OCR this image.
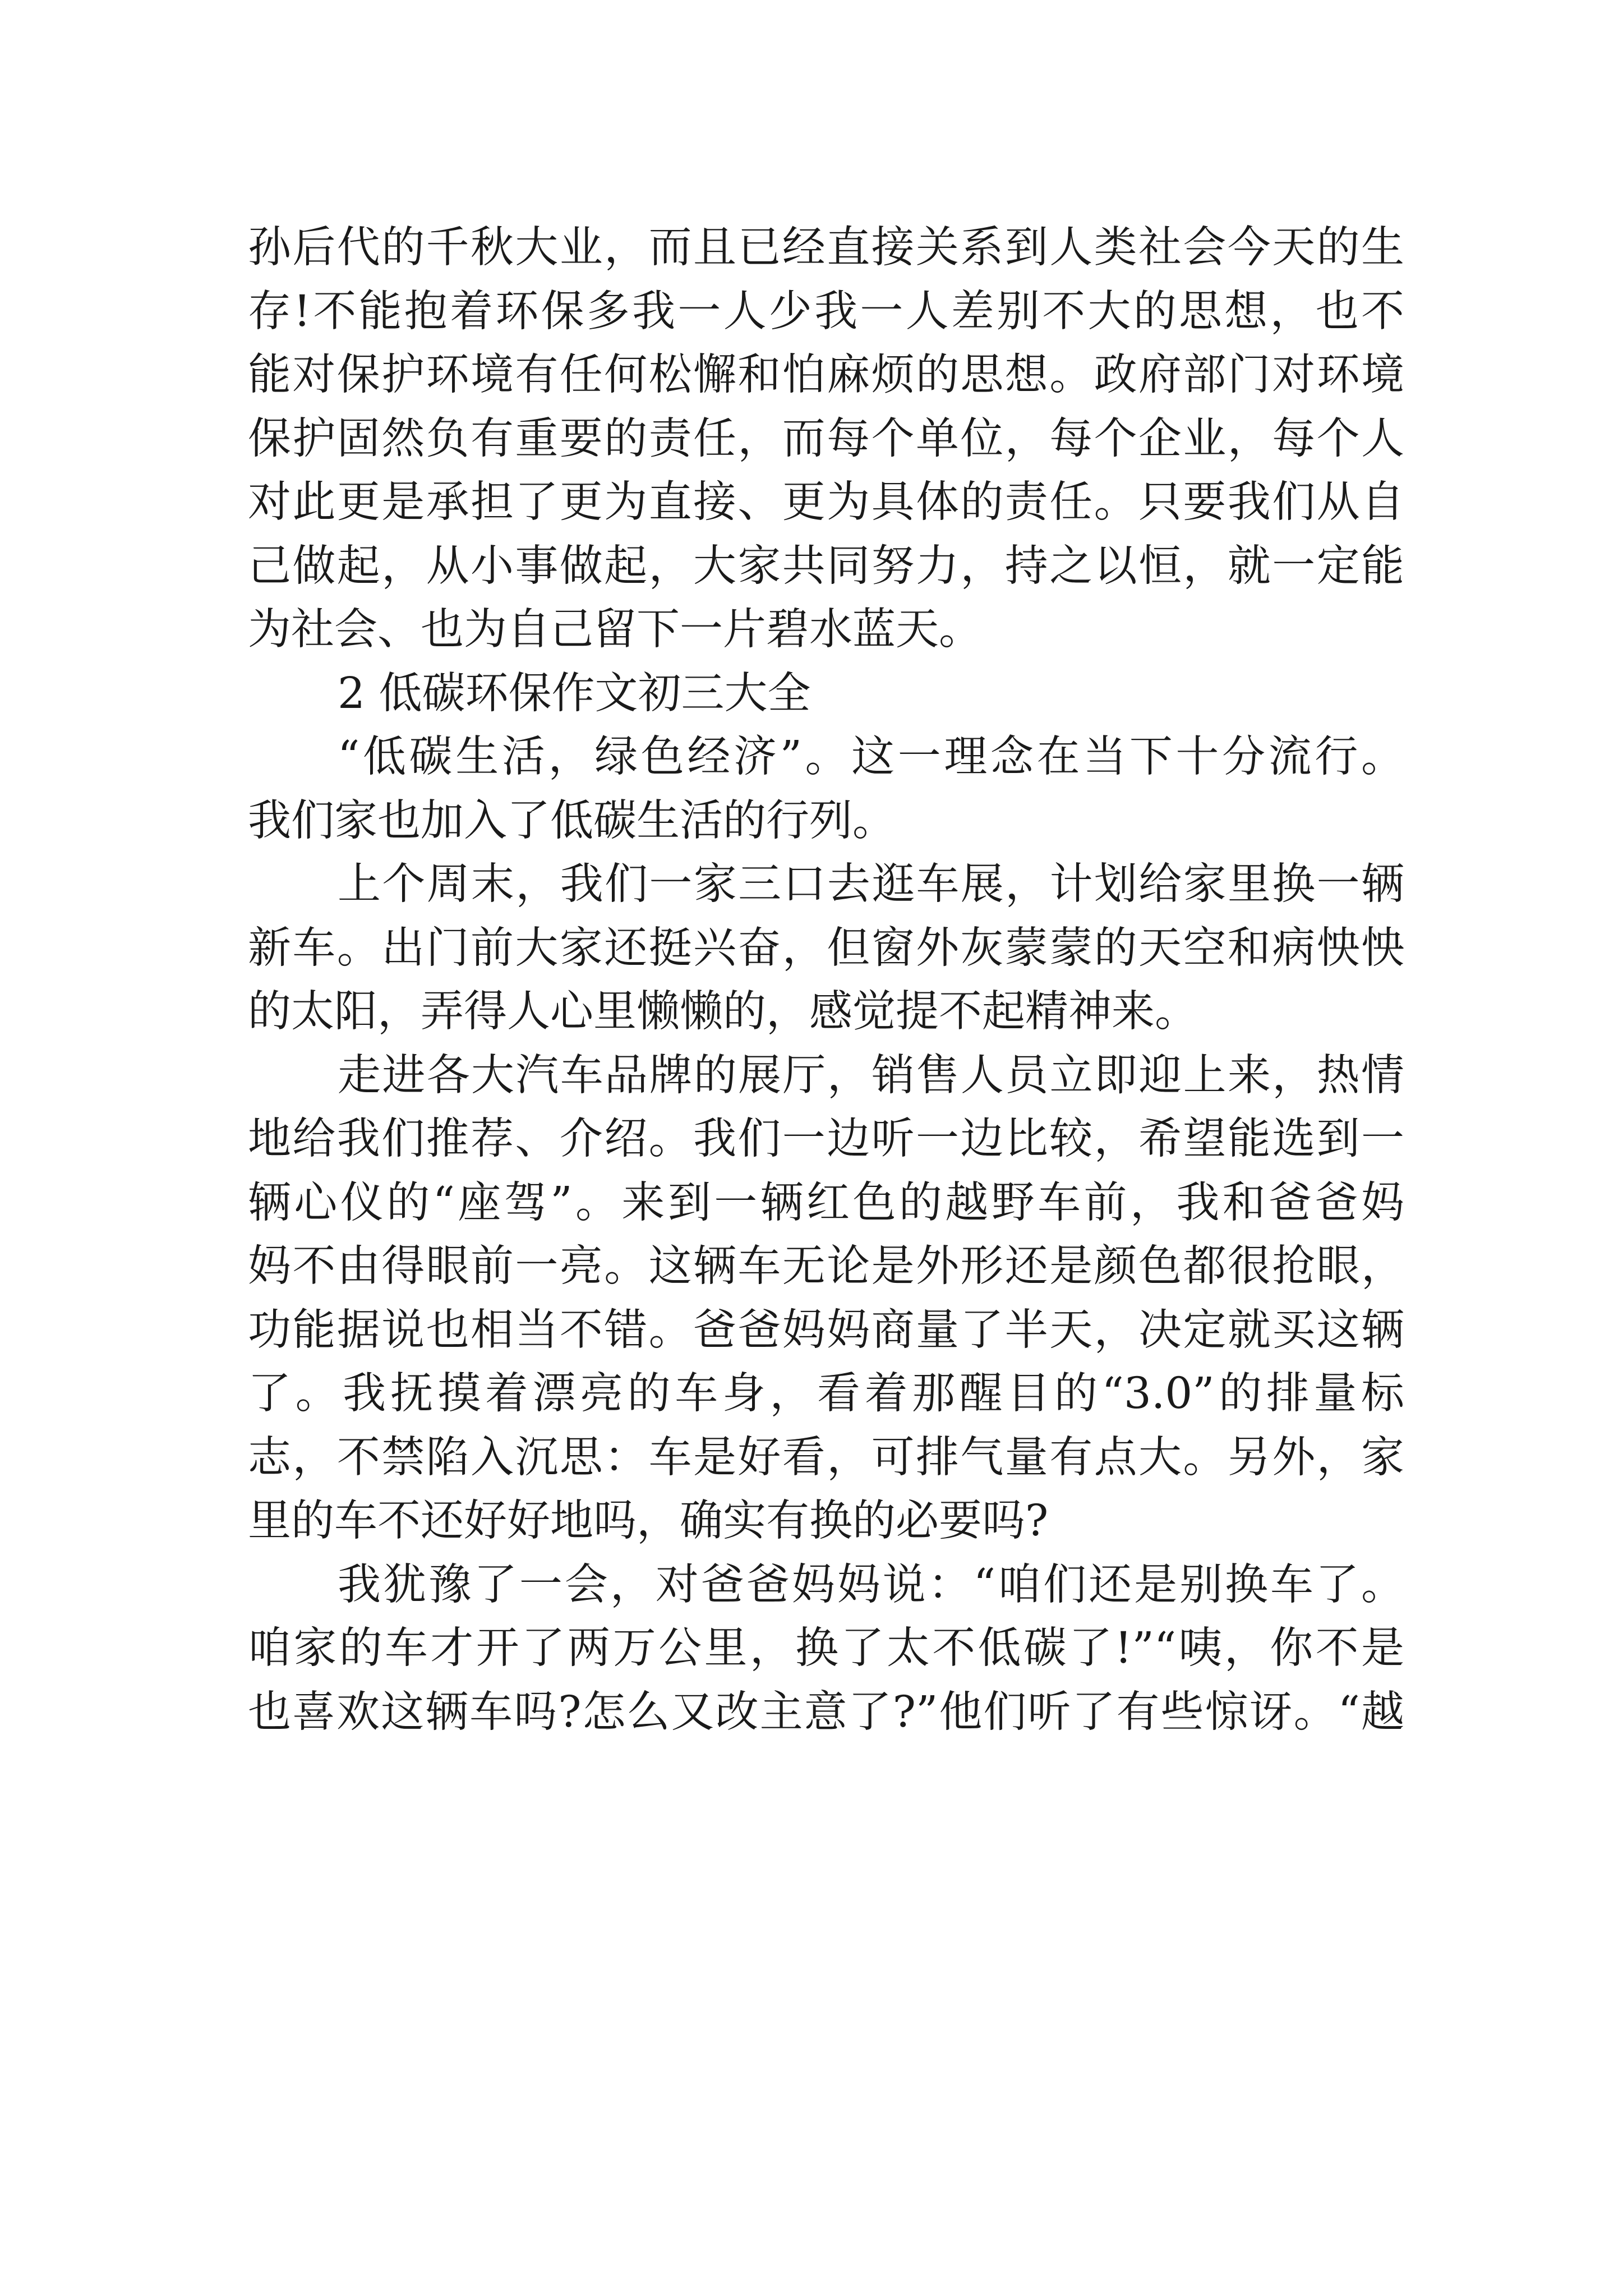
孙后代的千秋大业，而且已经直接关系到人类社会今天的生
存!不能抱着环保多我一人少我一人差别不大的思想，也不
能对保护环境有任何松懈和怕麻烦的思想。政府部门对环境
保护固然负有重要的责任，而每个单位，每个企业，每个人
对此更是承担了更为直接、更为具体的责任。只要我们从自
己做起，从小事做起，大家共同努力，持之以恒，就一定能
为社会、也为自己留下一片碧水蓝天。
2 低碳环保作文初三大全
“低碳生活，绿色经济”。这一理念在当下十分流行。
我们家也加入了低碳生活的行列。
上个周末，我们一家三口去逛车展，计划给家里换一辆
新车。出门前大家还挺兴奋，但窗外灰蒙蒙的天空和病怏怏
的太阳，弄得人心里懒懒的，感觉提不起精神来。
走进各大汽车品牌的展厅，销售人员立即迎上来，热情
地给我们推荐、介绍。我们一边听一边比较，希望能选到一
辆心仪的“座驾”。来到一辆红色的越野车前，我和爸爸妈
妈不由得眼前一亮。这辆车无论是外形还是颜色都很抢眼，
功能据说也相当不错。爸爸妈妈商量了半天，决定就买这辆
了。我抚摸着漂亮的车身，看着那醒目的“3.0”的排量标
志，不禁陷入沉思：车是好看，可排气量有点大。另外，家
里的车不还好好地吗，确实有换的必要吗?
我犹豫了一会，对爸爸妈妈说：“咱们还是别换车了。
咱家的车才开了两万公里，换了太不低碳了!”“咦，你不是
也喜欢这辆车吗?怎么又改主意了?”他们听了有些惊讶。“越
